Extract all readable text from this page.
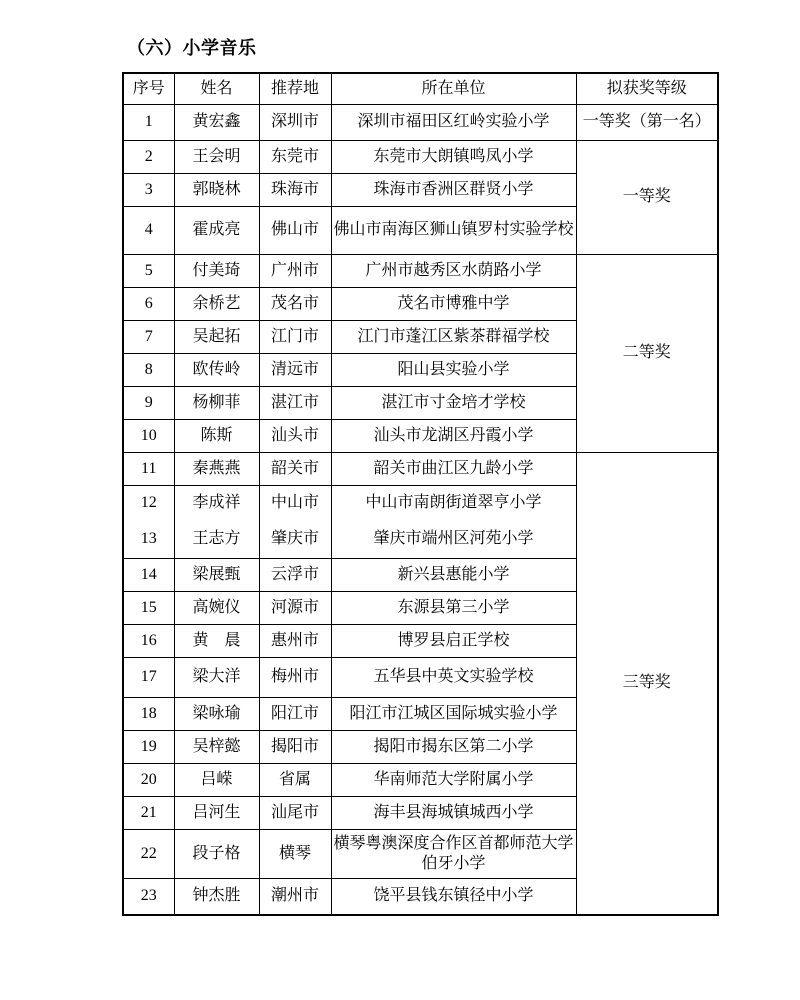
（六）小学音乐
序号	姓名	推荐地	所在单位	拟获奖等级
1	黄宏鑫	深圳市	深圳市福田区红岭实验小学	一等奖（第一名）
2	王会明	东莞市	东莞市大朗镇鸣凤小学	一等奖
3	郭晓林	珠海市	珠海市香洲区群贤小学	
4	霍成亮	佛山市	佛山市南海区狮山镇罗村实验学校	
5	付美琦	广州市	广州市越秀区水荫路小学	二等奖
6	余桥艺	茂名市	茂名市博雅中学	
7	吴起拓	江门市	江门市蓬江区紫茶群福学校	
8	欧传岭	清远市	阳山县实验小学	
9	杨柳菲	湛江市	湛江市寸金培才学校	
10	陈斯	汕头市	汕头市龙湖区丹霞小学	
11	秦燕燕	韶关市	韶关市曲江区九龄小学	三等奖
12	李成祥	中山市	中山市南朗街道翠亨小学	
13	王志方	肇庆市	肇庆市端州区河苑小学	
14	梁展甄	云浮市	新兴县惠能小学	
15	高婉仪	河源市	东源县第三小学	
16	黄　晨	惠州市	博罗县启正学校	
17	梁大洋	梅州市	五华县中英文实验学校	
18	梁咏瑜	阳江市	阳江市江城区国际城实验小学	
19	吴梓懿	揭阳市	揭阳市揭东区第二小学	
20	吕嵘	省属	华南师范大学附属小学	
21	吕河生	汕尾市	海丰县海城镇城西小学	
22	段子格	横琴	横琴粤澳深度合作区首都师范大学伯牙小学	
23	钟杰胜	潮州市	饶平县钱东镇径中小学	
